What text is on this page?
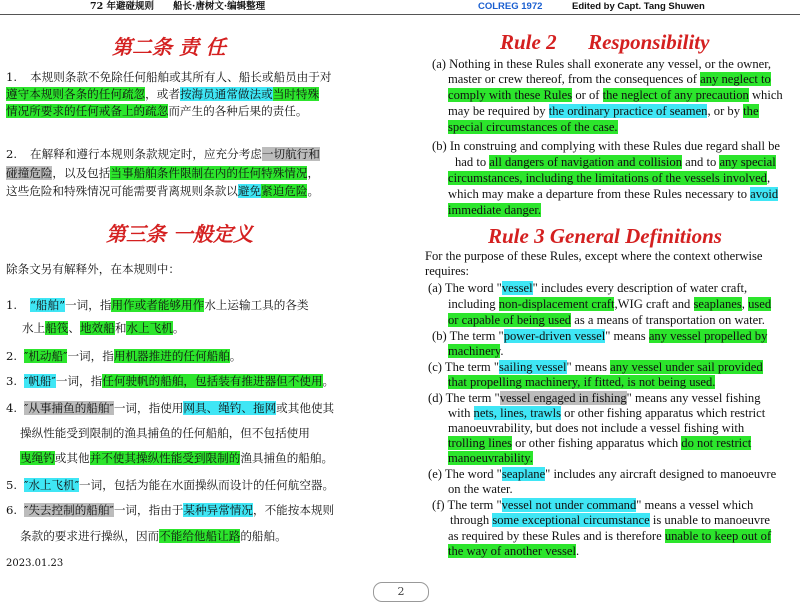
72 年避碰规则　　船长·唐树文·编辑整理	COLREG 1972	Edited by Capt. Tang Shuwen
第二条 责 任
1. 本规则条款不免除任何船舶或其所有人、船长或船员由于对
遵守本规则各条的任何疏忽，或者按海员通常做法或当时特殊
情况所要求的任何戒备上的疏忽而产生的各种后果的责任。
2. 在解释和遵行本规则条款规定时，应充分考虑一切航行和
碰撞危险，以及包括当事船舶条件限制在内的任何特殊情况，
这些危险和特殊情况可能需要背离规则条款以避免紧迫危险。
第三条 一般定义
除条文另有解释外，在本规则中：
1. “船舶”一词，指用作或者能够用作水上运输工具的各类
水上船筏、地效船和水上飞机。
2. ″机动船″一词，指用机器推进的任何船舶。
3. ″帆船″一词，指任何驶帆的船舶，包括装有推进器但不使用。
4. ″从事捕鱼的船舶″一词，指使用网具、绳钓、拖网或其他使其
操纵性能受到限制的渔具捕鱼的任何船舶，但不包括使用
曳绳钓或其他并不使其操纵性能受到限制的渔具捕鱼的船舶。
5. ″水上飞机″一词，包括为能在水面操纵而设计的任何航空器。
6. ″失去控制的船舶″一词，指由于某种异常情况，不能按本规则
条款的要求进行操纵，因而不能给他船让路的船舶。
2023.01.23
Rule 2      Responsibility
(a) Nothing in these Rules shall exonerate any vessel, or the owner,
master or crew thereof, from the consequences of any neglect to
comply with these Rules or of the neglect of any precaution which
may be required by the ordinary practice of seamen, or by the
special circumstances of the case.
(b) In construing and complying with these Rules due regard shall be
had to all dangers of navigation and collision and to any special
circumstances, including the limitations of the vessels involved,
which may make a departure from these Rules necessary to avoid
immediate danger.
Rule 3 General Definitions
For the purpose of these Rules, except where the context otherwise
requires:
(a) The word "vessel" includes every description of water craft,
including non-displacement craft,WIG craft and seaplanes, used
or capable of being used as a means of transportation on water.
(b) The term "power-driven vessel" means any vessel propelled by
machinery.
(c) The term "sailing vessel" means any vessel under sail provided
that propelling machinery, if fitted, is not being used.
(d) The term "vessel engaged in fishing" means any vessel fishing
with nets, lines, trawls or other fishing apparatus which restrict
manoeuvrability, but does not include a vessel fishing with
trolling lines or other fishing apparatus which do not restrict
manoeuvrability.
(e) The word "seaplane" includes any aircraft designed to manoeuvre
on the water.
(f) The term "vessel not under command" means a vessel which
through some exceptional circumstance is unable to manoeuvre
as required by these Rules and is therefore unable to keep out of
the way of another vessel.
2
